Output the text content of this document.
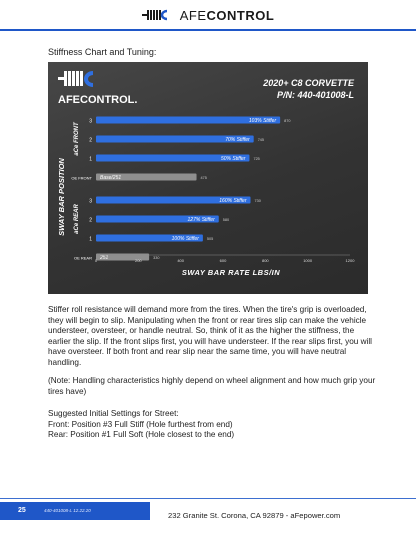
AFECONTROL
Stiffness Chart and Tuning:
AFECONTROL.
2020+ C8 CORVETTE
P/N: 440-401008-L
SWAY BAR POSITION
aCe FRONT
aCe REAR
3	103% Stiffer 870
2	70% Stiffer 745
1	50% Stiffer 725
OE FRONT Base/251	475
3	160% Stiffer 730
2	127% Stiffer 580
1	100% Stiffer 505
OE REAR 251	330
0	200	400	600	800	1000	1200
SWAY BAR RATE LBS/IN

Stiffer roll resistance will demand more from the tires. When the tire's grip is overloaded, they will begin to slip. Manipulating when the front or rear tires slip can make the vehicle understeer, oversteer, or handle neutral. So, think of it as the higher the stiffness, the earlier the slip. If the front slips first, you will have understeer. If the rear slips first, you will have oversteer. If both front and rear slip near the same time, you will have neutral handling.

(Note: Handling characteristics highly depend on wheel alignment and how much grip your tires have)

Suggested Initial Settings for Street:
Front: Position #3 Full Stiff (Hole furthest from end)
Rear: Position #1 Full Soft (Hole closest to the end)
25	440-401008-L 12.22.20
232 Granite St. Corona, CA 92879 - aFepower.com
